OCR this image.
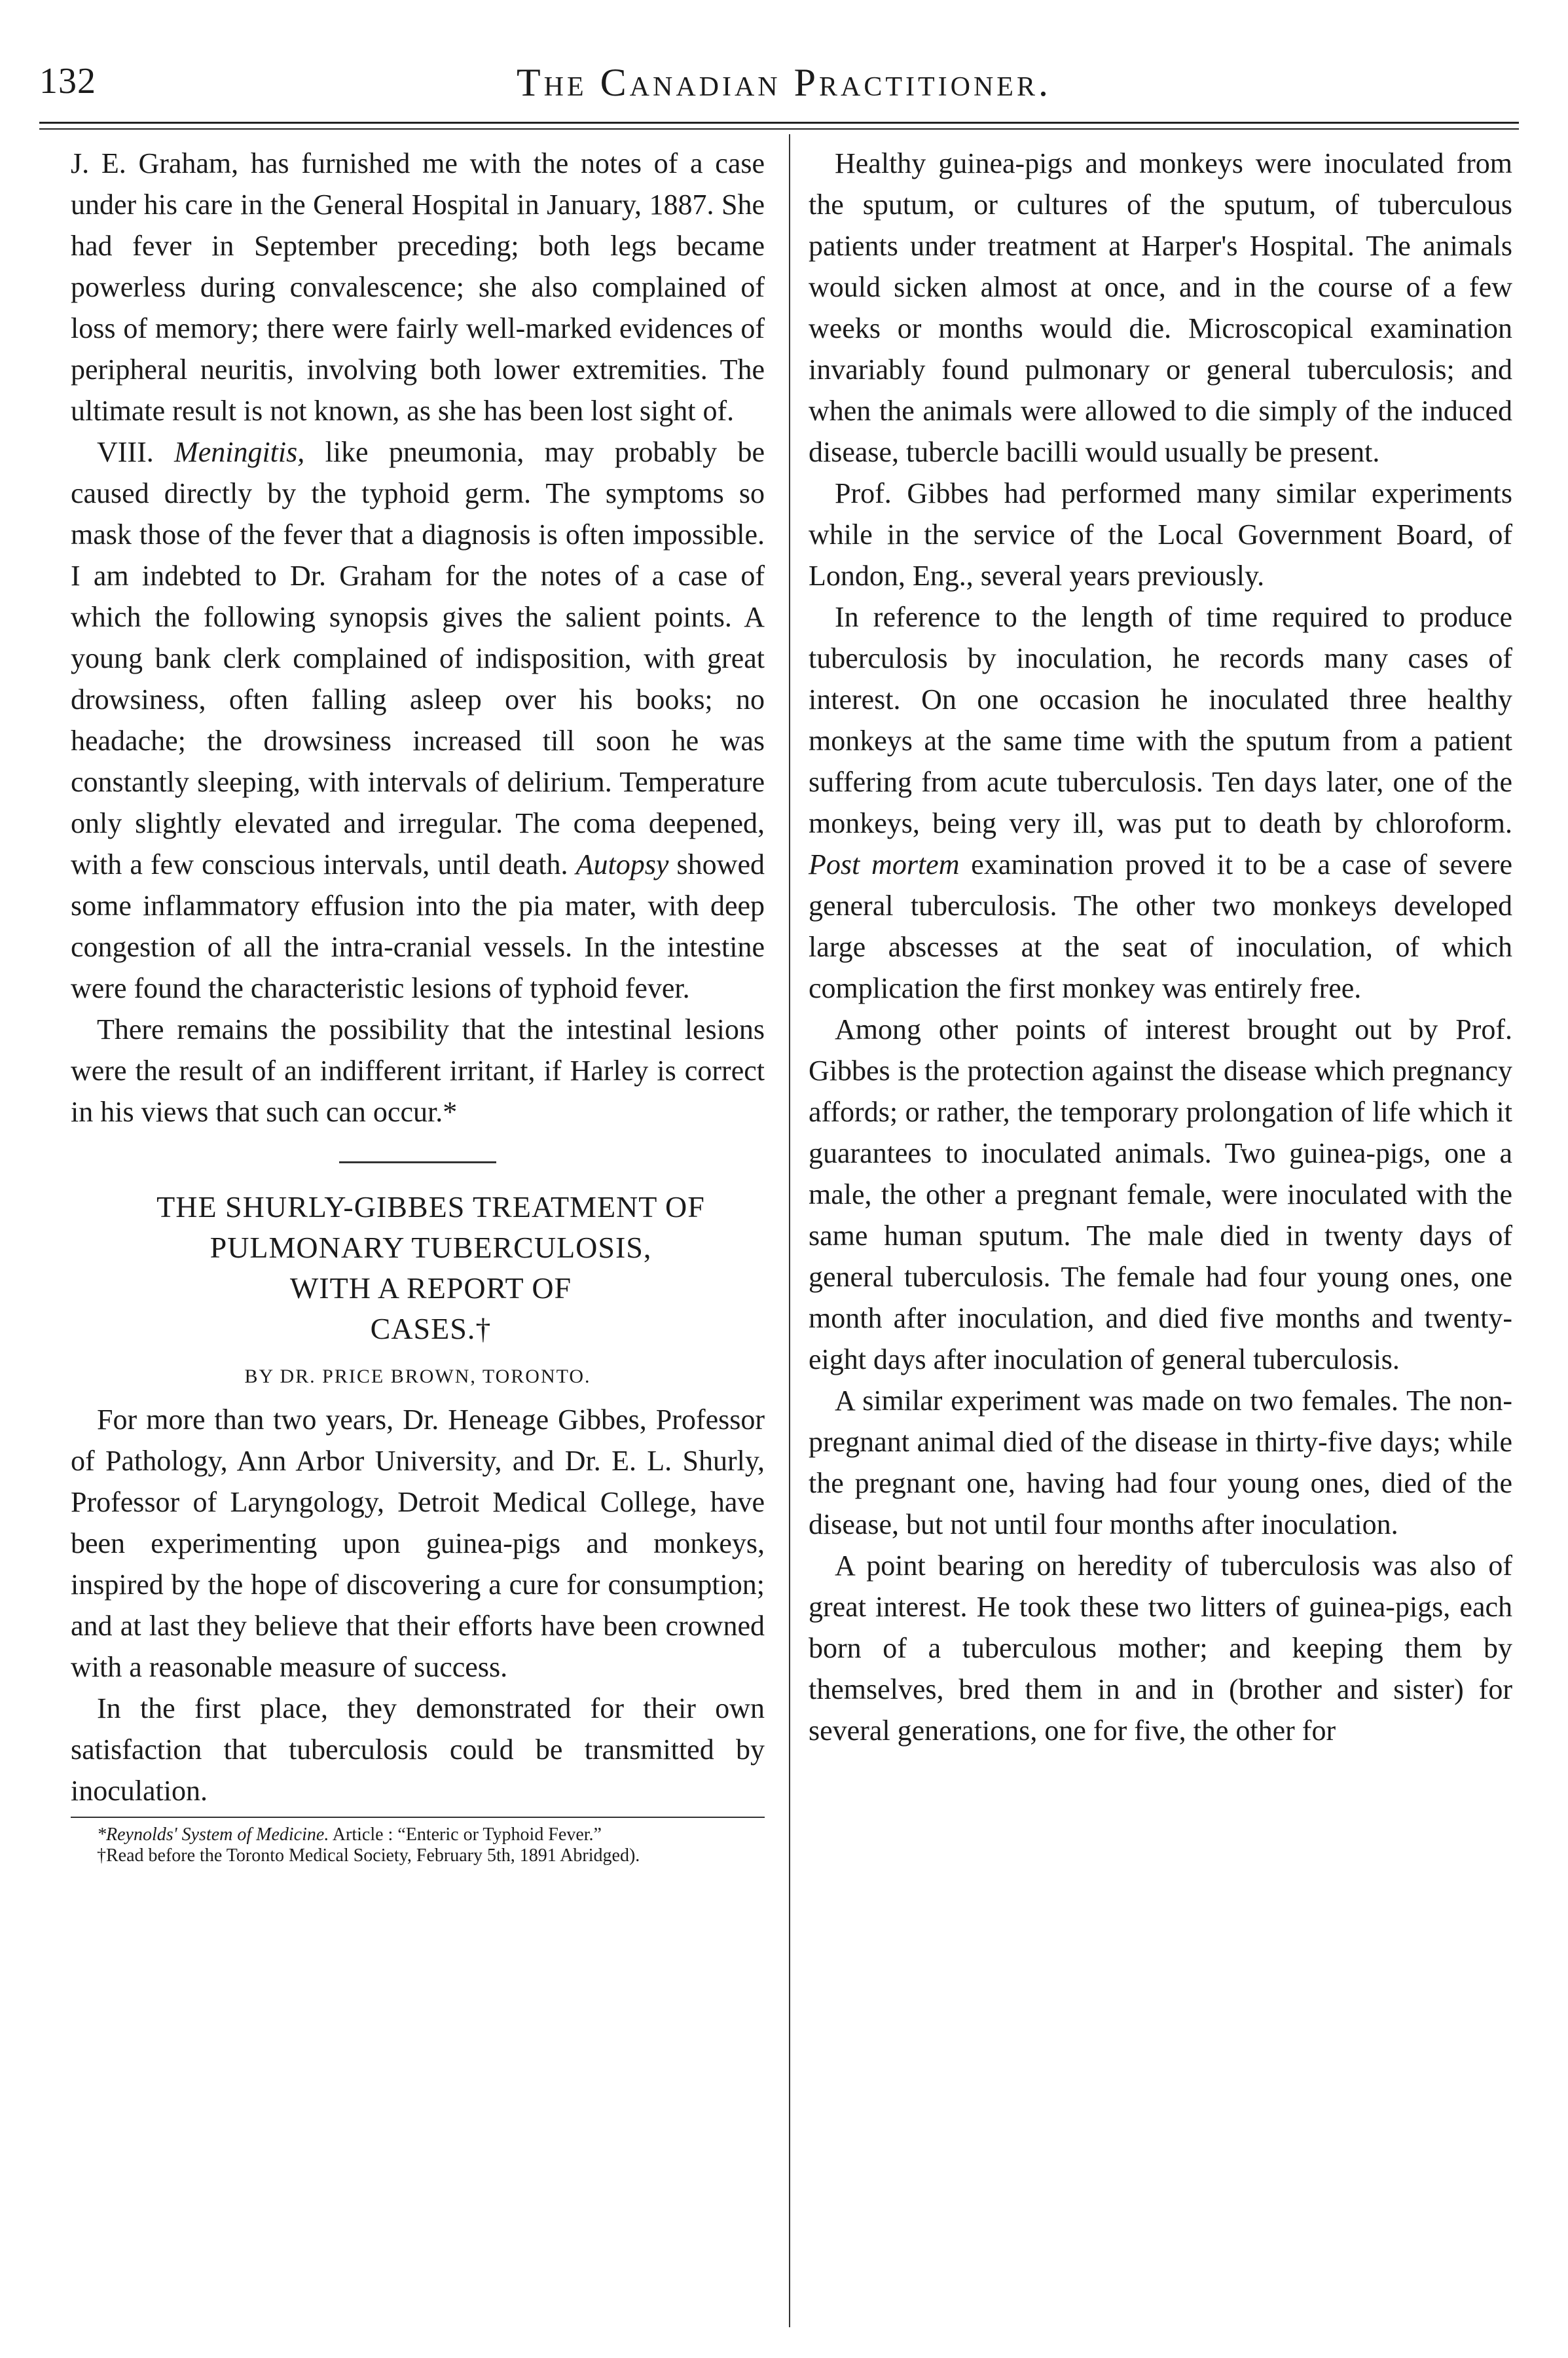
132	The Canadian Practitioner.

J. E. Graham, has furnished me with the notes of a case under his care in the General Hospital in January, 1887. She had fever in September preceding; both legs became powerless during convalescence; she also complained of loss of memory; there were fairly well-marked evidences of peripheral neuritis, involving both lower extremities. The ultimate result is not known, as she has been lost sight of.

VIII. Meningitis, like pneumonia, may probably be caused directly by the typhoid germ. The symptoms so mask those of the fever that a diagnosis is often impossible. I am indebted to Dr. Graham for the notes of a case of which the following synopsis gives the salient points. A young bank clerk complained of indisposition, with great drowsiness, often falling asleep over his books; no headache; the drowsiness increased till soon he was constantly sleeping, with intervals of delirium. Temperature only slightly elevated and irregular. The coma deepened, with a few conscious intervals, until death. Autopsy showed some inflammatory effusion into the pia mater, with deep congestion of all the intra-cranial vessels. In the intestine were found the characteristic lesions of typhoid fever.

There remains the possibility that the intestinal lesions were the result of an indifferent irritant, if Harley is correct in his views that such can occur.*

THE SHURLY-GIBBES TREATMENT OF

PULMONARY TUBERCULOSIS,

WITH A REPORT OF

CASES.†

BY DR. PRICE BROWN, TORONTO.

For more than two years, Dr. Heneage Gibbes, Professor of Pathology, Ann Arbor University, and Dr. E. L. Shurly, Professor of Laryngology, Detroit Medical College, have been experimenting upon guinea-pigs and monkeys, inspired by the hope of discovering a cure for consumption; and at last they believe that their efforts have been crowned with a reasonable measure of success.

In the first place, they demonstrated for their own satisfaction that tuberculosis could be transmitted by inoculation.

*Reynolds' System of Medicine. Article : “Enteric or Typhoid Fever.”

†Read before the Toronto Medical Society, February 5th, 1891 Abridged).

Healthy guinea-pigs and monkeys were inoculated from the sputum, or cultures of the sputum, of tuberculous patients under treatment at Harper's Hospital. The animals would sicken almost at once, and in the course of a few weeks or months would die. Microscopical examination invariably found pulmonary or general tuberculosis; and when the animals were allowed to die simply of the induced disease, tubercle bacilli would usually be present.

Prof. Gibbes had performed many similar experiments while in the service of the Local Government Board, of London, Eng., several years previously.

In reference to the length of time required to produce tuberculosis by inoculation, he records many cases of interest. On one occasion he inoculated three healthy monkeys at the same time with the sputum from a patient suffering from acute tuberculosis. Ten days later, one of the monkeys, being very ill, was put to death by chloroform. Post mortem examination proved it to be a case of severe general tuberculosis. The other two monkeys developed large abscesses at the seat of inoculation, of which complication the first monkey was entirely free.

Among other points of interest brought out by Prof. Gibbes is the protection against the disease which pregnancy affords; or rather, the temporary prolongation of life which it guarantees to inoculated animals. Two guinea-pigs, one a male, the other a pregnant female, were inoculated with the same human sputum. The male died in twenty days of general tuberculosis. The female had four young ones, one month after inoculation, and died five months and twenty-eight days after inoculation of general tuberculosis.

A similar experiment was made on two females. The non-pregnant animal died of the disease in thirty-five days; while the pregnant one, having had four young ones, died of the disease, but not until four months after inoculation.

A point bearing on heredity of tuberculosis was also of great interest. He took these two litters of guinea-pigs, each born of a tuberculous mother; and keeping them by themselves, bred them in and in (brother and sister) for several generations, one for five, the other for
